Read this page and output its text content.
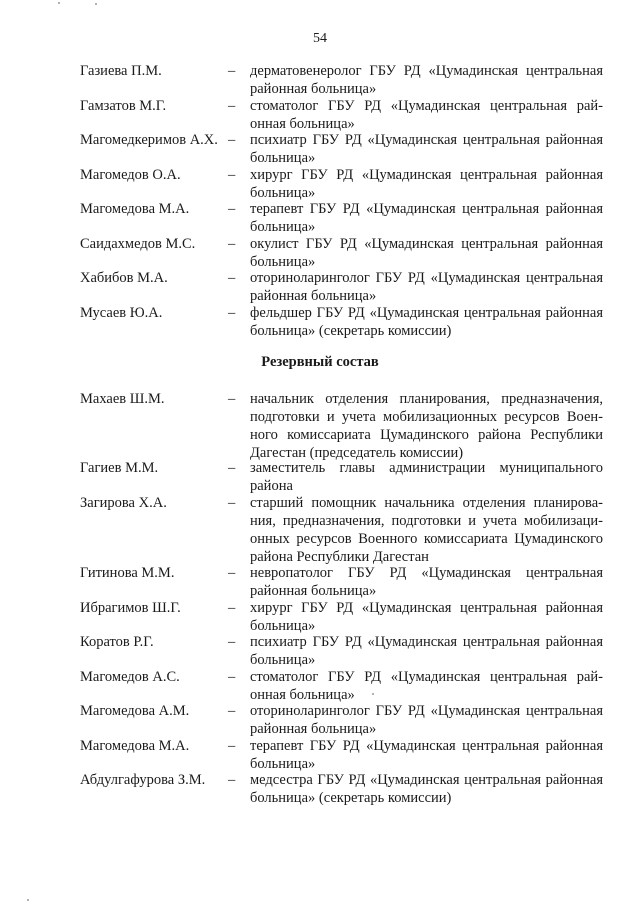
54
Газиева П.М.	– дерматовенеролог ГБУ РД «Цумадинская центральная районная больница»
Гамзатов М.Г.	– стоматолог ГБУ РД «Цумадинская центральная районная больница»
Магомедкеримов А.Х. – психиатр ГБУ РД «Цумадинская центральная районная больница»
Магомедов О.А.	– хирург ГБУ РД «Цумадинская центральная районная больница»
Магомедова М.А.	– терапевт ГБУ РД «Цумадинская центральная районная больница»
Саидахмедов М.С. – окулист ГБУ РД «Цумадинская центральная районная больница»
Хабибов М.А.	– оториноларинголог ГБУ РД «Цумадинская центральная районная больница»
Мусаев Ю.А.	– фельдшер ГБУ РД «Цумадинская центральная районная больница» (секретарь комиссии)
Резервный состав
Махаев Ш.М.	– начальник отделения планирования, предназначения, подготовки и учета мобилизационных ресурсов Военного комиссариата Цумадинского района Республики Дагестан (председатель комиссии)
Гагиев М.М.	– заместитель главы администрации муниципального района
Загирова Х.А.	– старший помощник начальника отделения планирования, предназначения, подготовки и учета мобилизационных ресурсов Военного комиссариата Цумадинского района Республики Дагестан
Гитинова М.М.	– невропатолог ГБУ РД «Цумадинская центральная районная больница»
Ибрагимов Ш.Г.	– хирург ГБУ РД «Цумадинская центральная районная больница»
Коратов Р.Г.	– психиатр ГБУ РД «Цумадинская центральная районная больница»
Магомедов А.С.	– стоматолог ГБУ РД «Цумадинская центральная районная больница»
Магомедова А.М.	– оториноларинголог ГБУ РД «Цумадинская центральная районная больница»
Магомедова М.А.	– терапевт ГБУ РД «Цумадинская центральная районная больница»
Абдулгафурова З.М. – медсестра ГБУ РД «Цумадинская центральная районная больница» (секретарь комиссии)
